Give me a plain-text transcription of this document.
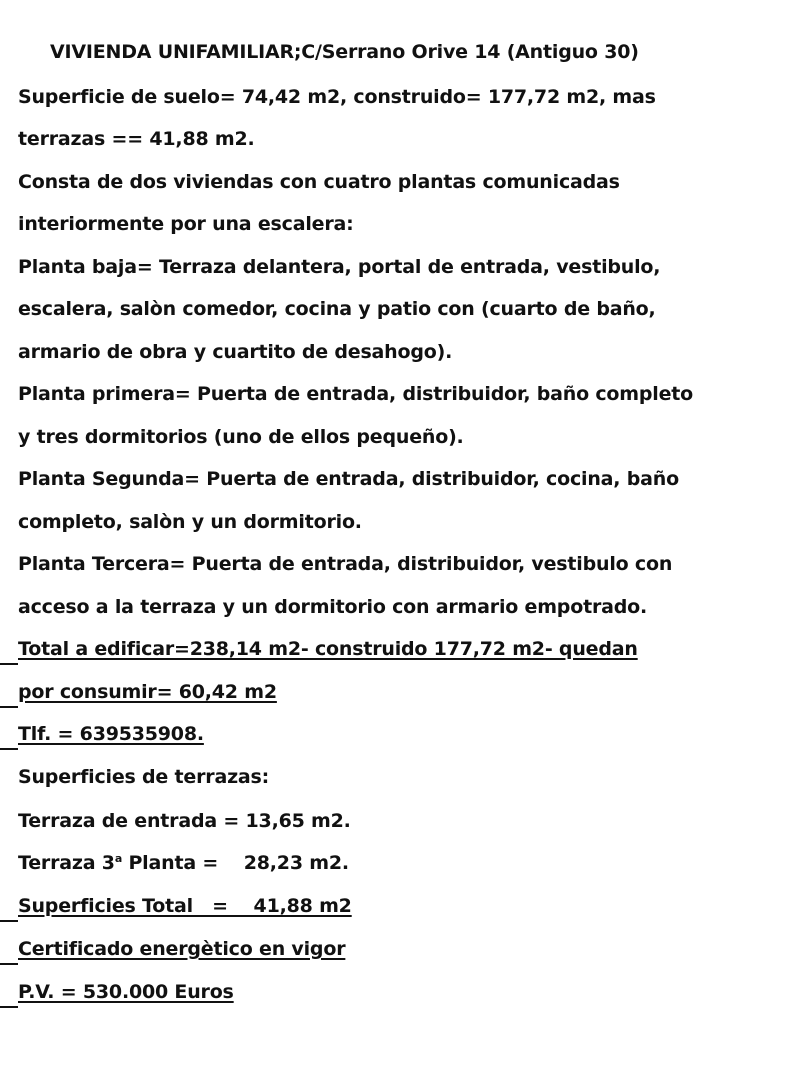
VIVIENDA UNIFAMILIAR;C/Serrano Orive 14 (Antiguo 30)
Superficie de suelo= 74,42 m2, construido= 177,72 m2, mas
terrazas == 41,88 m2.
Consta de dos viviendas con cuatro plantas comunicadas
interiormente por una escalera:
Planta baja= Terraza delantera, portal de entrada, vestibulo,
escalera, salòn comedor, cocina y patio con (cuarto de baño,
armario de obra y cuartito de desahogo).
Planta primera= Puerta de entrada, distribuidor, baño completo
y tres dormitorios (uno de ellos pequeño).
Planta Segunda= Puerta de entrada, distribuidor, cocina, baño
completo, salòn y un dormitorio.
Planta Tercera= Puerta de entrada, distribuidor, vestibulo con
acceso a la terraza y un dormitorio con armario empotrado.
Total a edificar=238,14 m2- construido 177,72 m2- quedan
por consumir= 60,42 m2
Tlf. = 639535908.
Superficies de terrazas:
Terraza de entrada = 13,65 m2.
Terraza 3$^a$ Planta =    28,23 m2.
Superficies Total   =    41,88 m2
Certificado energètico en vigor
P.V. = 530.000 Euros
